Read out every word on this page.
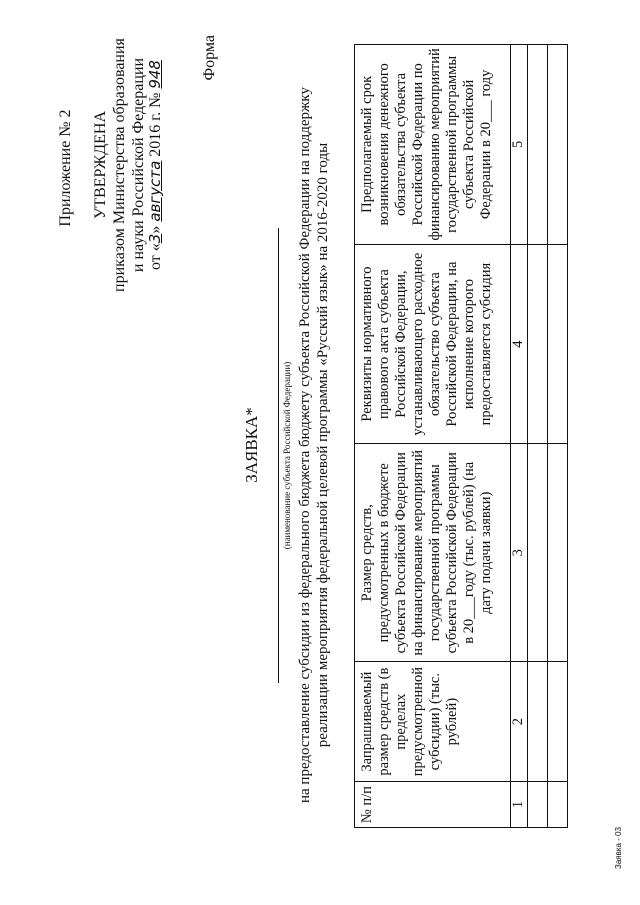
Приложение № 2 УТВЕРЖДЕНА приказом Министерства образования и науки Российской Федерации от «3» августа 2016 г. № 948 Форма
ЗАЯВКА* (наименование субъекта Российской Федерации) на предоставление субсидии из федерального бюджета бюджету субъекта Российской Федерации на поддержку реализации мероприятия федеральной целевой программы «Русский язык» на 2016-2020 годы
№ п/п	Запрашиваемый размер средств (в пределах предусмотренной субсидии) (тыс. рублей)	Размер средств, предусмотренных в бюджете субъекта Российской Федерации на финансирование мероприятий государственной программы субъекта Российской Федерации в 20___году (тыс. рублей) (на дату подачи заявки)	Реквизиты нормативного правового акта субъекта Российской Федерации, устанавливающего расходное обязательство субъекта Российской Федерации, на исполнение которого предоставляется субсидия	Предполагаемый срок возникновения денежного обязательства субъекта Российской Федерации по финансированию мероприятий государственной программы субъекта Российской Федерации в 20___ году

1	2	3	4	5

Заявка - 03
